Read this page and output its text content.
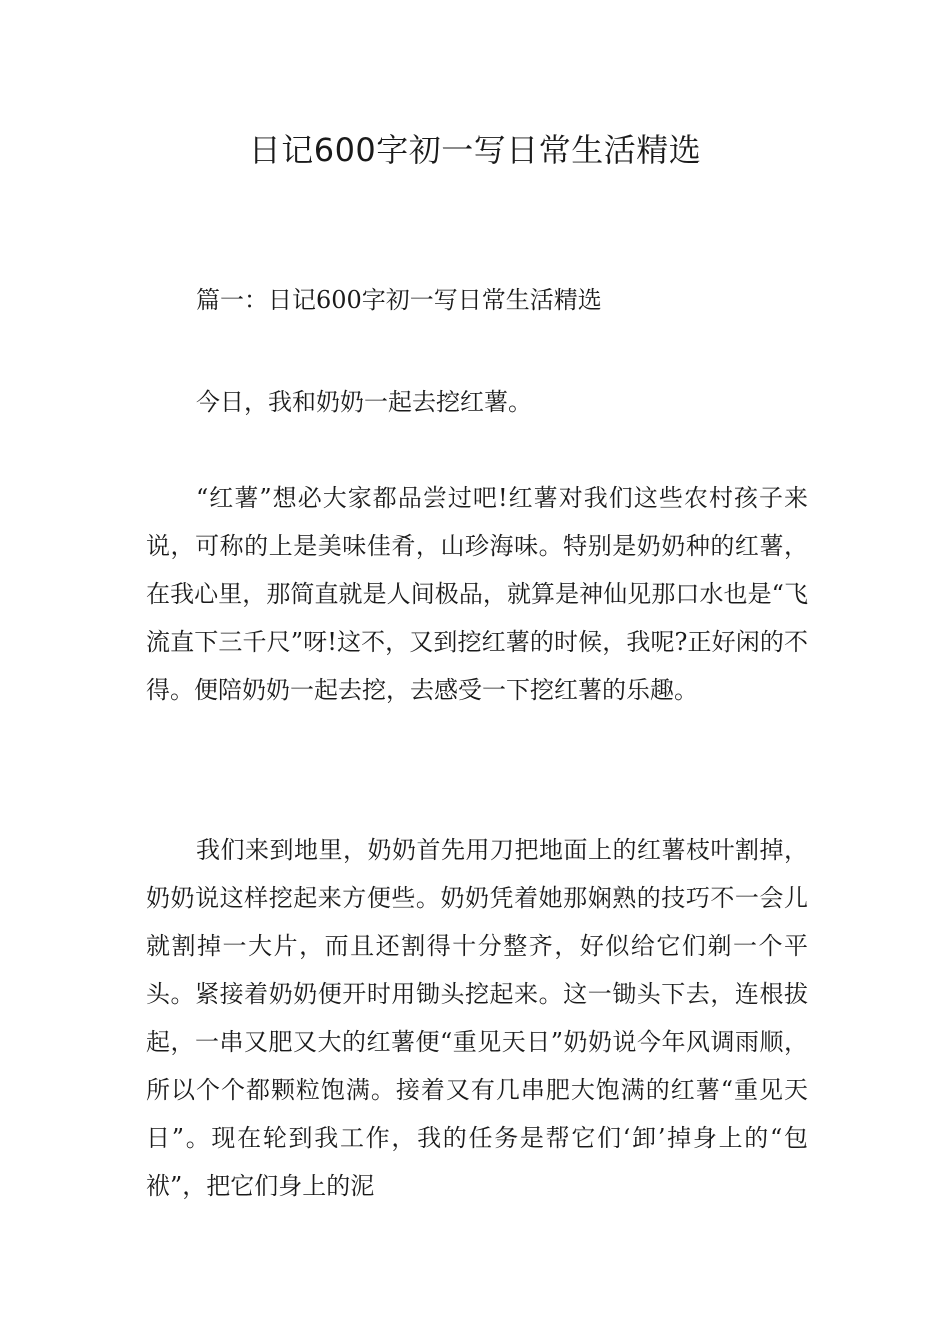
日记600字初一写日常生活精选

篇一：日记600字初一写日常生活精选

今日，我和奶奶一起去挖红薯。

“红薯”想必大家都品尝过吧!红薯对我们这些农村孩子来说，可称的上是美味佳肴，山珍海味。特别是奶奶种的红薯，在我心里，那简直就是人间极品，就算是神仙见那口水也是“飞流直下三千尺”呀!这不，又到挖红薯的时候，我呢?正好闲的不得。便陪奶奶一起去挖，去感受一下挖红薯的乐趣。

我们来到地里，奶奶首先用刀把地面上的红薯枝叶割掉，奶奶说这样挖起来方便些。奶奶凭着她那娴熟的技巧不一会儿就割掉一大片，而且还割得十分整齐，好似给它们剃一个平头。紧接着奶奶便开时用锄头挖起来。这一锄头下去，连根拔起，一串又肥又大的红薯便“重见天日”奶奶说今年风调雨顺，所以个个都颗粒饱满。接着又有几串肥大饱满的红薯“重见天日”。现在轮到我工作，我的任务是帮它们‘卸’掉身上的“包袱”，把它们身上的泥
